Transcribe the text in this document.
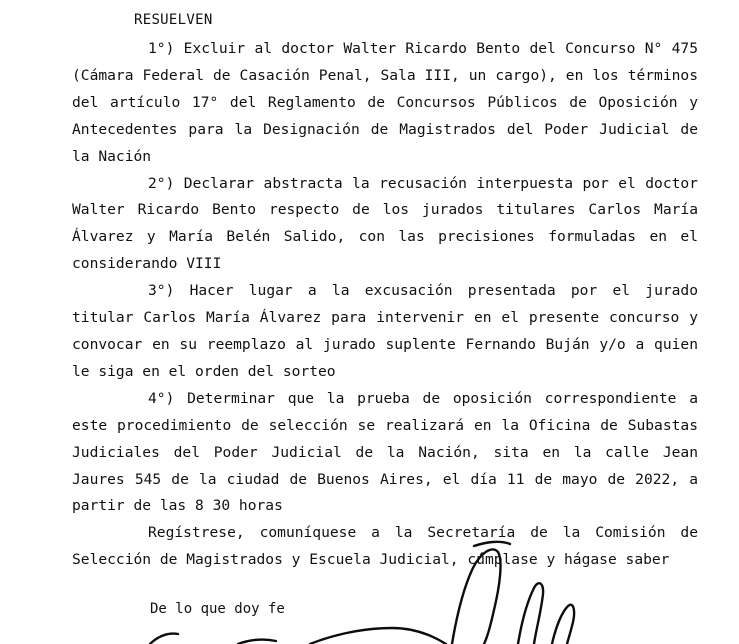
RESUELVEN

1°) Excluir al doctor Walter Ricardo Bento del Concurso N° 475 (Cámara Federal de Casación Penal, Sala III, un cargo), en los términos del artículo 17° del Reglamento de Concursos Públicos de Oposición y Antecedentes para la Designación de Magistrados del Poder Judicial de la Nación

2°) Declarar abstracta la recusación interpuesta por el doctor Walter Ricardo Bento respecto de los jurados titulares Carlos María Álvarez y María Belén Salido, con las precisiones formuladas en el considerando VIII

3°) Hacer lugar a la excusación presentada por el jurado titular Carlos María Álvarez para intervenir en el presente concurso y convocar en su reemplazo al jurado suplente Fernando Buján y/o a quien le siga en el orden del sorteo

4°) Determinar que la prueba de oposición correspondiente a este procedimiento de selección se realizará en la Oficina de Subastas Judiciales del Poder Judicial de la Nación, sita en la calle Jean Jaures 545 de la ciudad de Buenos Aires, el día 11 de mayo de 2022, a partir de las 8 30 horas

Regístrese, comuníquese a la Secretaría de la Comisión de Selección de Magistrados y Escuela Judicial, cúmplase y hágase saber

De lo que doy fe
